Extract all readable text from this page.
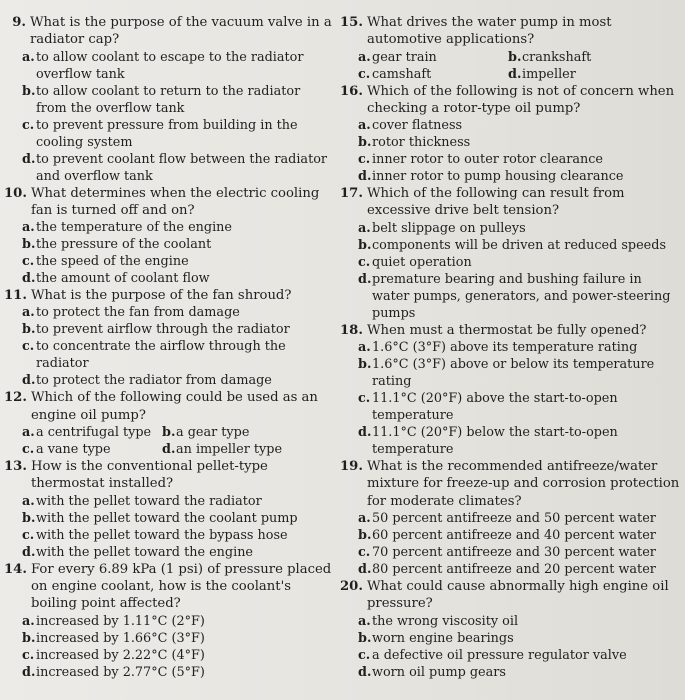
9. What is the purpose of the vacuum valve in a radiator cap?
a. to allow coolant to escape to the radiator overflow tank
b. to allow coolant to return to the radiator from the overflow tank
c. to prevent pressure from building in the cooling system
d. to prevent coolant flow between the radiator and overflow tank
10. What determines when the electric cooling fan is turned off and on?
a. the temperature of the engine
b. the pressure of the coolant
c. the speed of the engine
d. the amount of coolant flow
11. What is the purpose of the fan shroud?
a. to protect the fan from damage
b. to prevent airflow through the radiator
c. to concentrate the airflow through the radiator
d. to protect the radiator from damage
12. Which of the following could be used as an engine oil pump?
a. a centrifugal type b. a gear type
c. a vane type	d. an impeller type
13. How is the conventional pellet-type thermostat installed?
a. with the pellet toward the radiator
b. with the pellet toward the coolant pump
c. with the pellet toward the bypass hose
d. with the pellet toward the engine
14. For every 6.89 kPa (1 psi) of pressure placed on engine coolant, how is the coolant's boiling point affected?
a. increased by 1.11°C (2°F)
b. increased by 1.66°C (3°F)
c. increased by 2.22°C (4°F)
d. increased by 2.77°C (5°F)
15. What drives the water pump in most automotive applications?
a. gear train	b. crankshaft
c. camshaft	d. impeller
16. Which of the following is not of concern when checking a rotor-type oil pump?
a. cover flatness
b. rotor thickness
c. inner rotor to outer rotor clearance
d. inner rotor to pump housing clearance
17. Which of the following can result from excessive drive belt tension?
a. belt slippage on pulleys
b. components will be driven at reduced speeds
c. quiet operation
d. premature bearing and bushing failure in water pumps, generators, and power-steering pumps
18. When must a thermostat be fully opened?
a. 1.6°C (3°F) above its temperature rating
b. 1.6°C (3°F) above or below its temperature rating
c. 11.1°C (20°F) above the start-to-open temperature
d. 11.1°C (20°F) below the start-to-open temperature
19. What is the recommended antifreeze/water mixture for freeze-up and corrosion protection for moderate climates?
a. 50 percent antifreeze and 50 percent water
b. 60 percent antifreeze and 40 percent water
c. 70 percent antifreeze and 30 percent water
d. 80 percent antifreeze and 20 percent water
20. What could cause abnormally high engine oil pressure?
a. the wrong viscosity oil
b. worn engine bearings
c. a defective oil pressure regulator valve
d. worn oil pump gears
